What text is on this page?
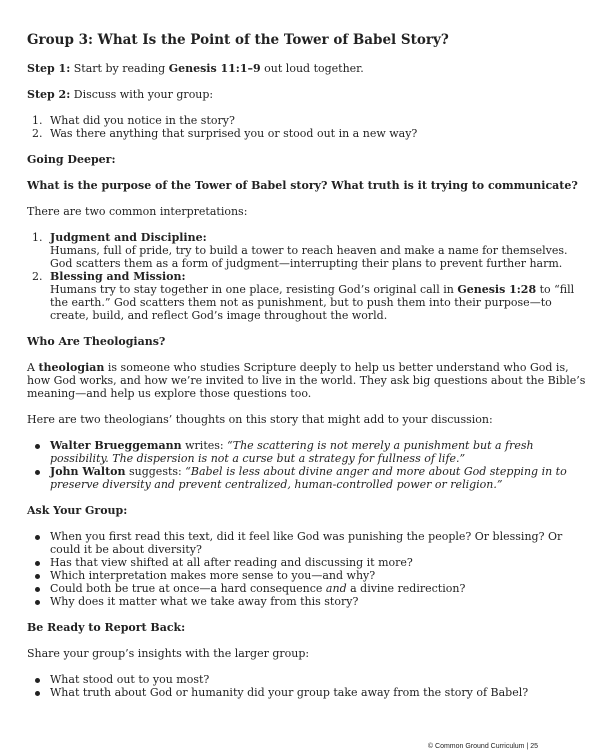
Group 3: What Is the Point of the Tower of Babel Story?

Step 1: Start by reading Genesis 11:1–9 out loud together.

Step 2: Discuss with your group:

1. What did you notice in the story?
2. Was there anything that surprised you or stood out in a new way?

Going Deeper:

What is the purpose of the Tower of Babel story? What truth is it trying to communicate?

There are two common interpretations:

1. Judgment and Discipline:
Humans, full of pride, try to build a tower to reach heaven and make a name for themselves. God scatters them as a form of judgment—interrupting their plans to prevent further harm.
2. Blessing and Mission:
Humans try to stay together in one place, resisting God’s original call in Genesis 1:28 to “fill the earth.” God scatters them not as punishment, but to push them into their purpose—to create, build, and reflect God’s image throughout the world.

Who Are Theologians?

A theologian is someone who studies Scripture deeply to help us better understand who God is, how God works, and how we’re invited to live in the world. They ask big questions about the Bible’s meaning—and help us explore those questions too.

Here are two theologians’ thoughts on this story that might add to your discussion:

Walter Brueggemann writes: “The scattering is not merely a punishment but a fresh possibility. The dispersion is not a curse but a strategy for fullness of life.”
John Walton suggests: “Babel is less about divine anger and more about God stepping in to preserve diversity and prevent centralized, human-controlled power or religion.”

Ask Your Group:

When you first read this text, did it feel like God was punishing the people? Or blessing? Or could it be about diversity?
Has that view shifted at all after reading and discussing it more?
Which interpretation makes more sense to you—and why?
Could both be true at once—a hard consequence and a divine redirection?
Why does it matter what we take away from this story?

Be Ready to Report Back:

Share your group’s insights with the larger group:

What stood out to you most?
What truth about God or humanity did your group take away from the story of Babel?
© Common Ground Curriculum | 25
